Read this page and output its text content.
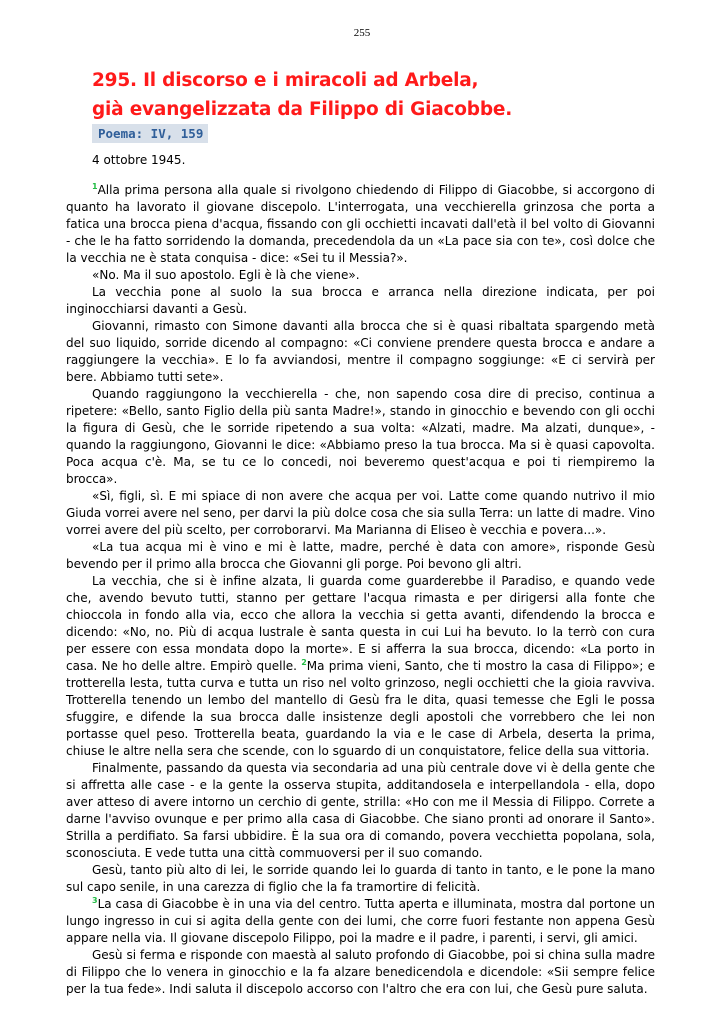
255
295. Il discorso e i miracoli ad Arbela,
già evangelizzata da Filippo di Giacobbe.
Poema: IV, 159
4 ottobre 1945.

$^1$Alla prima persona alla quale si rivolgono chiedendo di Filippo di Giacobbe, si accorgono di quanto ha lavorato il giovane discepolo. L'interrogata, una vecchierella grinzosa che porta a fatica una brocca piena d'acqua, fissando con gli occhietti incavati dall'età il bel volto di Giovanni - che le ha fatto sorridendo la domanda, precedendola da un «La pace sia con te», così dolce che la vecchia ne è stata conquisa - dice: «Sei tu il Messia?».

«No. Ma il suo apostolo. Egli è là che viene».

La vecchia pone al suolo la sua brocca e arranca nella direzione indicata, per poi inginocchiarsi davanti a Gesù.

Giovanni, rimasto con Simone davanti alla brocca che si è quasi ribaltata spargendo metà del suo liquido, sorride dicendo al compagno: «Ci conviene prendere questa brocca e andare a raggiungere la vecchia». E lo fa avviandosi, mentre il compagno soggiunge: «E ci servirà per bere. Abbiamo tutti sete».

Quando raggiungono la vecchierella - che, non sapendo cosa dire di preciso, continua a ripetere: «Bello, santo Figlio della più santa Madre!», stando in ginocchio e bevendo con gli occhi la figura di Gesù, che le sorride ripetendo a sua volta: «Alzati, madre. Ma alzati, dunque», - quando la raggiungono, Giovanni le dice: «Abbiamo preso la tua brocca. Ma si è quasi capovolta. Poca acqua c'è. Ma, se tu ce lo concedi, noi beveremo quest'acqua e poi ti riempiremo la brocca».

«Sì, figli, sì. E mi spiace di non avere che acqua per voi. Latte come quando nutrivo il mio Giuda vorrei avere nel seno, per darvi la più dolce cosa che sia sulla Terra: un latte di madre. Vino vorrei avere del più scelto, per corroborarvi. Ma Marianna di Eliseo è vecchia e povera...».

«La tua acqua mi è vino e mi è latte, madre, perché è data con amore», risponde Gesù bevendo per il primo alla brocca che Giovanni gli porge. Poi bevono gli altri.

La vecchia, che si è infine alzata, li guarda come guarderebbe il Paradiso, e quando vede che, avendo bevuto tutti, stanno per gettare l'acqua rimasta e per dirigersi alla fonte che chioccola in fondo alla via, ecco che allora la vecchia si getta avanti, difendendo la brocca e dicendo: «No, no. Più di acqua lustrale è santa questa in cui Lui ha bevuto. Io la terrò con cura per essere con essa mondata dopo la morte». E si afferra la sua brocca, dicendo: «La porto in casa. Ne ho delle altre. Empirò quelle. $^2$Ma prima vieni, Santo, che ti mostro la casa di Filippo»; e trotterella lesta, tutta curva e tutta un riso nel volto grinzoso, negli occhietti che la gioia ravviva. Trotterella tenendo un lembo del mantello di Gesù fra le dita, quasi temesse che Egli le possa sfuggire, e difende la sua brocca dalle insistenze degli apostoli che vorrebbero che lei non portasse quel peso. Trotterella beata, guardando la via e le case di Arbela, deserta la prima, chiuse le altre nella sera che scende, con lo sguardo di un conquistatore, felice della sua vittoria.

Finalmente, passando da questa via secondaria ad una più centrale dove vi è della gente che si affretta alle case - e la gente la osserva stupita, additandosela e interpellandola - ella, dopo aver atteso di avere intorno un cerchio di gente, strilla: «Ho con me il Messia di Filippo. Correte a darne l'avviso ovunque e per primo alla casa di Giacobbe. Che siano pronti ad onorare il Santo». Strilla a perdifiato. Sa farsi ubbidire. È la sua ora di comando, povera vecchietta popolana, sola, sconosciuta. E vede tutta una città commuoversi per il suo comando.

Gesù, tanto più alto di lei, le sorride quando lei lo guarda di tanto in tanto, e le pone la mano sul capo senile, in una carezza di figlio che la fa tramortire di felicità.

$^3$La casa di Giacobbe è in una via del centro. Tutta aperta e illuminata, mostra dal portone un lungo ingresso in cui si agita della gente con dei lumi, che corre fuori festante non appena Gesù appare nella via. Il giovane discepolo Filippo, poi la madre e il padre, i parenti, i servi, gli amici.

Gesù si ferma e risponde con maestà al saluto profondo di Giacobbe, poi si china sulla madre di Filippo che lo venera in ginocchio e la fa alzare benedicendola e dicendole: «Sii sempre felice per la tua fede». Indi saluta il discepolo accorso con l'altro che era con lui, che Gesù pure saluta.
